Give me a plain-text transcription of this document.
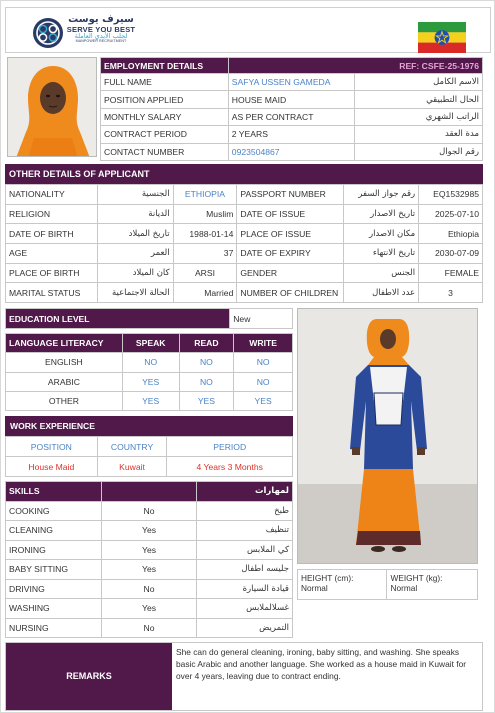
سيرف يوست
SERVE YOU BEST
لجلب الأيدي العاملة
MANPOWER RECRUITMENT
EMPLOYMENT DETAILS	REF: CSFE-25-1976	
FULL NAME	SAFYA USSEN GAMEDA	الاسم الكامل
POSITION APPLIED	HOUSE MAID	الحال التطبيقي
MONTHLY SALARY	AS PER CONTRACT	الراتب الشهري
CONTRACT PERIOD	2 YEARS	مدة العقد
CONTACT NUMBER	0923504867	رقم الجوال
OTHER DETAILS OF APPLICANT
NATIONALITY	الجنسية	ETHIOPIA	PASSPORT NUMBER	رقم جواز السفر	EQ1532985
RELIGION	الديانة	Muslim	DATE OF ISSUE	تاريخ الاصدار	2025-07-10
DATE OF BIRTH	تاريخ الميلاد	1988-01-14	PLACE OF ISSUE	مكان الاصدار	Ethiopia
AGE	العمر	37	DATE OF EXPIRY	تاريخ الانتهاء	2030-07-09
PLACE OF BIRTH	كان الميلاد	ARSI	GENDER	الجنس	FEMALE
MARITAL STATUS	الحالة الاجتماعية	Married	NUMBER OF CHILDREN	عدد الاطفال	3
EDUCATION LEVEL	New
LANGUAGE LITERACY	SPEAK	READ	WRITE
ENGLISH	NO	NO	NO
ARABIC	YES	NO	NO
OTHER	YES	YES	YES
WORK EXPERIENCE
POSITION	COUNTRY	PERIOD
House Maid	Kuwait	4 Years 3 Months
SKILLS		لمهارات
COOKING	No	طبخ
CLEANING	Yes	تنظيف
IRONING	Yes	كي الملابس
BABY SITTING	Yes	جليسه اطفال
DRIVING	No	قيادة السيارة
WASHING	Yes	غسلالملابس
NURSING	No	التمريض
HEIGHT (cm):
Normal

WEIGHT (kg):
Normal
REMARKS
She can do general cleaning, ironing, baby sitting, and washing. She speaks basic Arabic and another language. She worked as a house maid in Kuwait for over 4 years, leaving due to contract ending.
